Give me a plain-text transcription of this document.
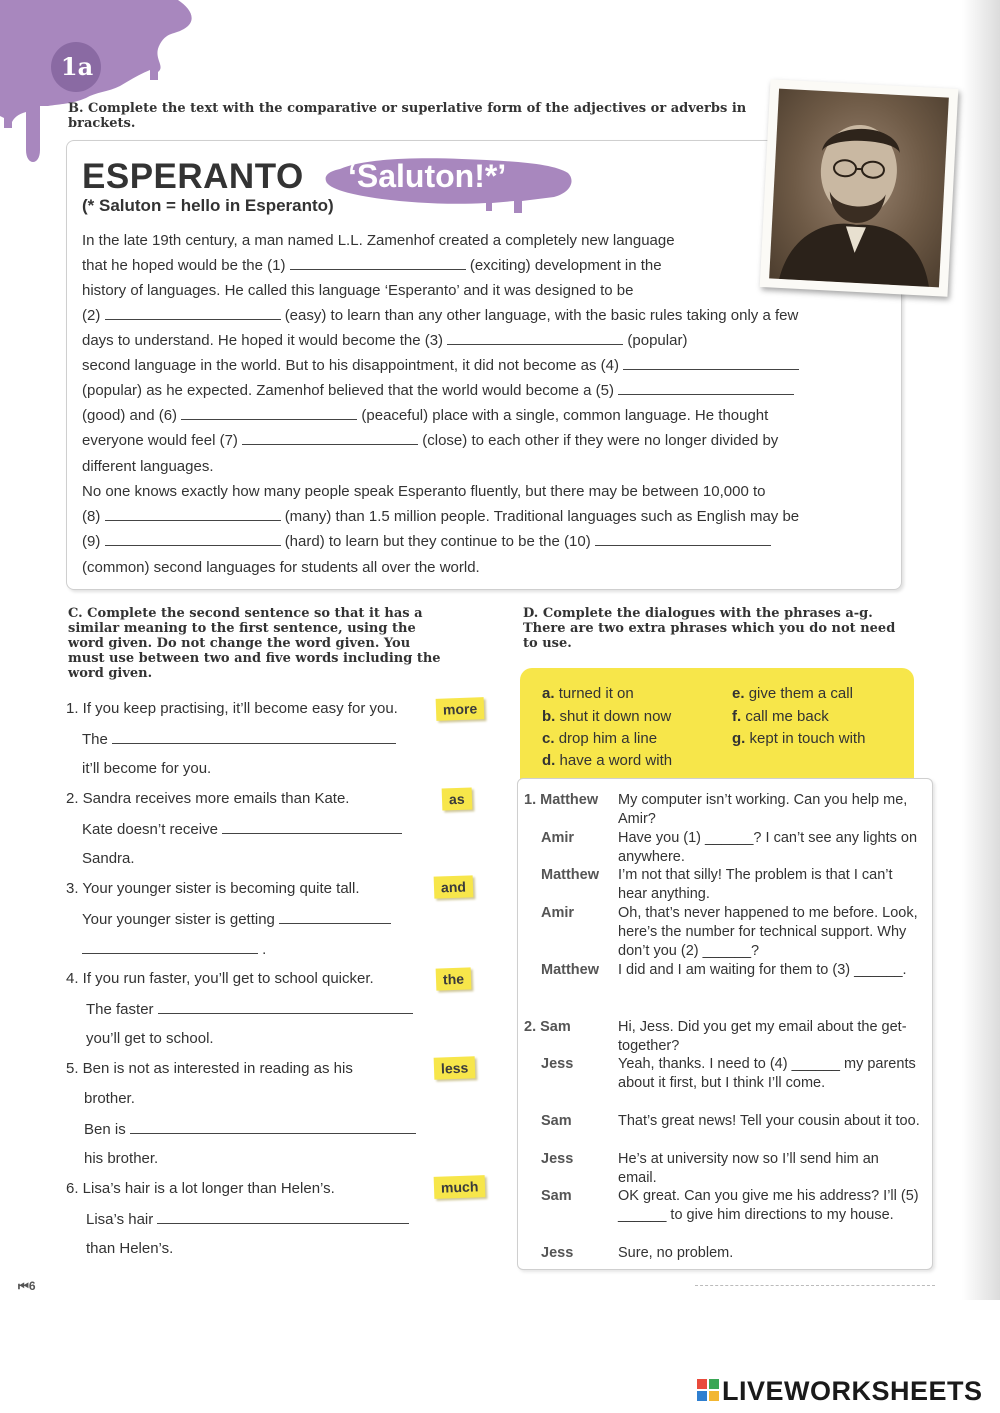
1a
B. Complete the text with the comparative or superlative form of the adjectives or adverbs in brackets.
ESPERANTO ‘Saluton!*’
(* Saluton = hello in Esperanto)
In the late 19th century, a man named L.L. Zamenhof created a completely new language
that he hoped would be the (1)	(exciting) development in the
history of languages. He called this language ‘Esperanto’ and it was designed to be
(2)	(easy) to learn than any other language, with the basic rules taking only a few
days to understand. He hoped it would become the (3)	(popular)
second language in the world. But to his disappointment, it did not become as (4)
(popular) as he expected. Zamenhof believed that the world would become a (5)
(good) and (6)	(peaceful) place with a single, common language. He thought
everyone would feel (7)	(close) to each other if they were no longer divided by
different languages.
No one knows exactly how many people speak Esperanto fluently, but there may be between 10,000 to
(8)	(many) than 1.5 million people. Traditional languages such as English may be
(9)	(hard) to learn but they continue to be the (10)
(common) second languages for students all over the world.
C. Complete the second sentence so that it has a similar meaning to the first sentence, using the word given. Do not change the word given. You must use between two and five words including the word given.
1. If you keep practising, it’ll become easy for you.	more
The
it’ll become for you.
2. Sandra receives more emails than Kate.	as
Kate doesn’t receive
Sandra.
3. Your younger sister is becoming quite tall.	and
Your younger sister is getting
.
4. If you run faster, you’ll get to school quicker.	the
The faster
you’ll get to school.
5. Ben is not as interested in reading as his	less
brother.
Ben is
his brother.
6. Lisa’s hair is a lot longer than Helen’s.	much
Lisa’s hair
than Helen’s.
D. Complete the dialogues with the phrases a-g. There are two extra phrases which you do not need to use.
a. turned it on
b. shut it down now
c. drop him a line
d. have a word with
e. give them a call
f. call me back
g. kept in touch with
1. Matthew My computer isn’t working. Can you help me, Amir?
Amir	Have you (1) ______? I can’t see any lights on anywhere.
Matthew I’m not that silly! The problem is that I can’t hear anything.
Amir	Oh, that’s never happened to me before. Look, here’s the number for technical support. Why don’t you (2) ______?
Matthew I did and I am waiting for them to (3) ______.
2. Sam	Hi, Jess. Did you get my email about the get-together?
Jess	Yeah, thanks. I need to (4) ______ my parents about it first, but I think I’ll come.
Sam	That’s great news! Tell your cousin about it too.
Jess	He’s at university now so I’ll send him an email.
Sam	OK great. Can you give me his address? I’ll (5) ______ to give him directions to my house.
Jess	Sure, no problem.
⏮6
LIVEWORKSHEETS
